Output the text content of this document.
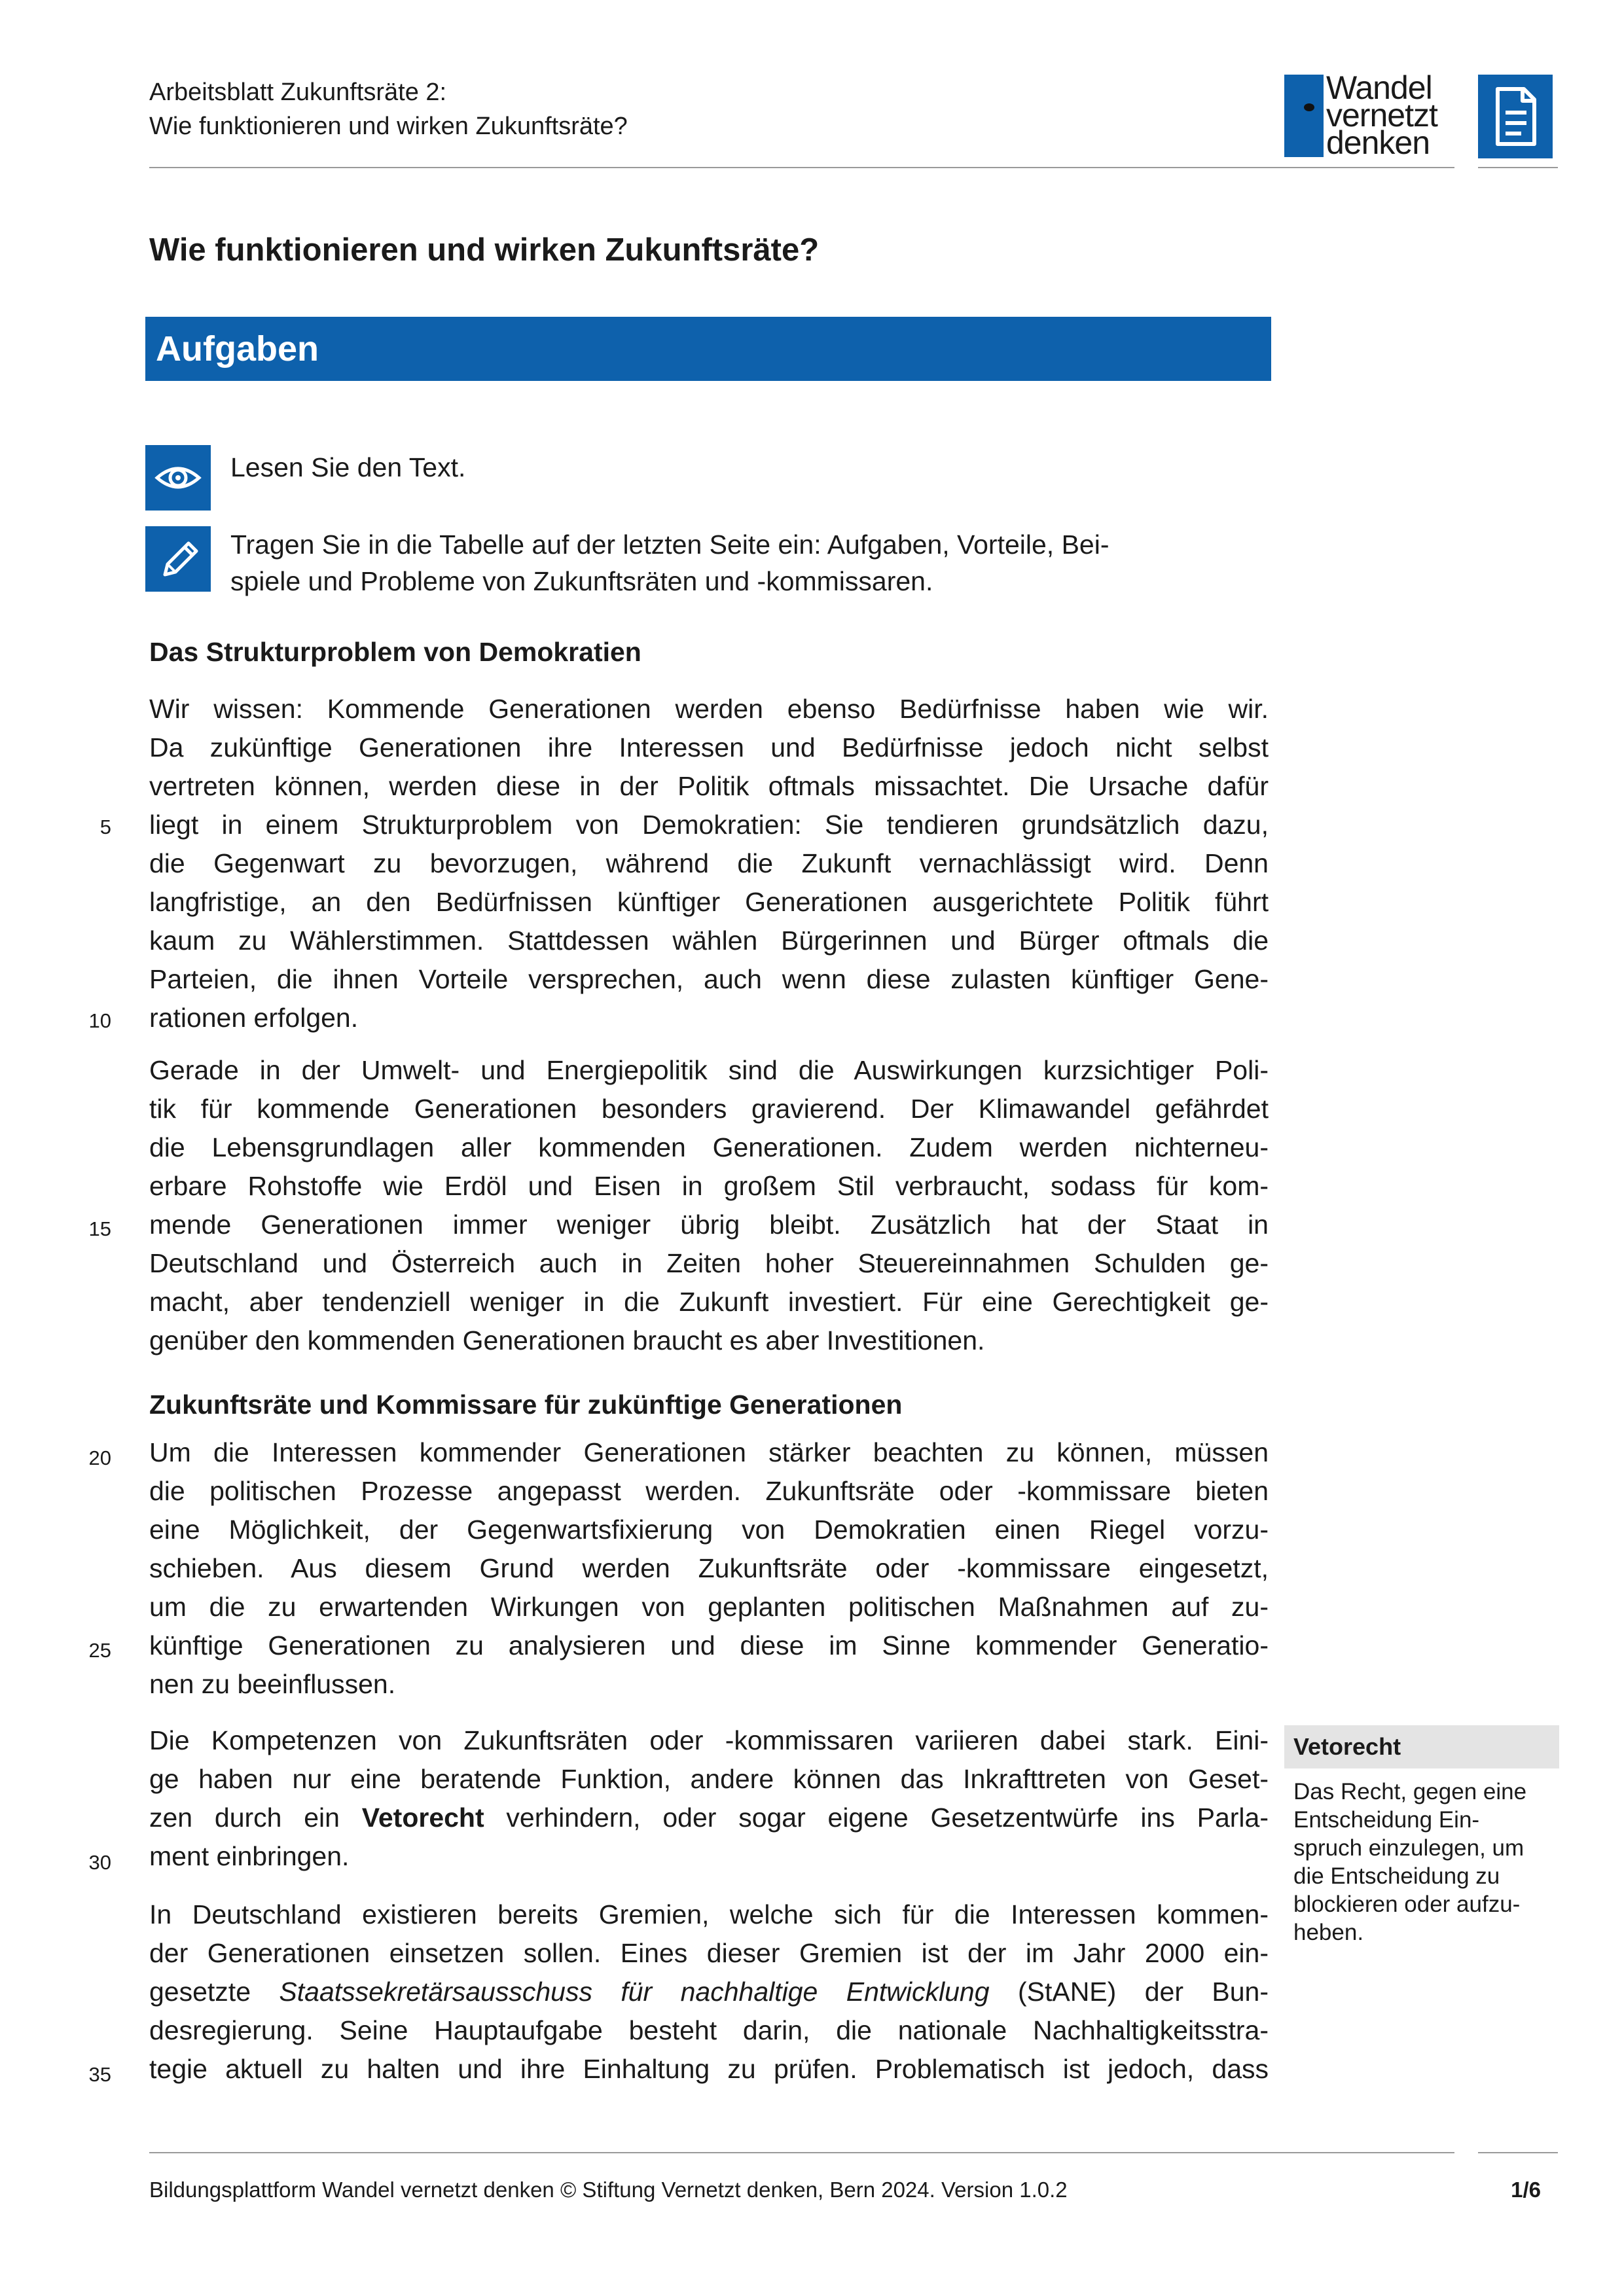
Arbeitsblatt Zukunftsräte 2:
Wie funktionieren und wirken Zukunftsräte?
Wandel
vernetzt
denken
Wie funktionieren und wirken Zukunftsräte?
Aufgaben
Lesen Sie den Text.
Tragen Sie in die Tabelle auf der letzten Seite ein: Aufgaben, Vorteile, Bei-
spiele und Probleme von Zukunftsräten und -kommissaren.
Das Strukturproblem von Demokratien
Wir wissen: Kommende Generationen werden ebenso Bedürfnisse haben wie wir.
Da zukünftige Generationen ihre Interessen und Bedürfnisse jedoch nicht selbst
vertreten können, werden diese in der Politik oftmals missachtet. Die Ursache dafür
liegt in einem Strukturproblem von Demokratien: Sie tendieren grundsätzlich dazu,
die Gegenwart zu bevorzugen, während die Zukunft vernachlässigt wird. Denn
langfristige, an den Bedürfnissen künftiger Generationen ausgerichtete Politik führt
kaum zu Wählerstimmen. Stattdessen wählen Bürgerinnen und Bürger oftmals die
Parteien, die ihnen Vorteile versprechen, auch wenn diese zulasten künftiger Gene-
rationen erfolgen.
Gerade in der Umwelt- und Energiepolitik sind die Auswirkungen kurzsichtiger Poli-
tik für kommende Generationen besonders gravierend. Der Klimawandel gefährdet
die Lebensgrundlagen aller kommenden Generationen. Zudem werden nichterneu-
erbare Rohstoffe wie Erdöl und Eisen in großem Stil verbraucht, sodass für kom-
mende Generationen immer weniger übrig bleibt. Zusätzlich hat der Staat in
Deutschland und Österreich auch in Zeiten hoher Steuereinnahmen Schulden ge-
macht, aber tendenziell weniger in die Zukunft investiert. Für eine Gerechtigkeit ge-
genüber den kommenden Generationen braucht es aber Investitionen.
Zukunftsräte und Kommissare für zukünftige Generationen
Um die Interessen kommender Generationen stärker beachten zu können, müssen
die politischen Prozesse angepasst werden. Zukunftsräte oder -kommissare bieten
eine Möglichkeit, der Gegenwartsfixierung von Demokratien einen Riegel vorzu-
schieben. Aus diesem Grund werden Zukunftsräte oder -kommissare eingesetzt,
um die zu erwartenden Wirkungen von geplanten politischen Maßnahmen auf zu-
künftige Generationen zu analysieren und diese im Sinne kommender Generatio-
nen zu beeinflussen.
Die Kompetenzen von Zukunftsräten oder -kommissaren variieren dabei stark. Eini-
ge haben nur eine beratende Funktion, andere können das Inkrafttreten von Geset-
zen durch ein Vetorecht verhindern, oder sogar eigene Gesetzentwürfe ins Parla-
ment einbringen.
In Deutschland existieren bereits Gremien, welche sich für die Interessen kommen-
der Generationen einsetzen sollen. Eines dieser Gremien ist der im Jahr 2000 ein-
gesetzte Staatssekretärsausschuss für nachhaltige Entwicklung (StANE) der Bun-
desregierung. Seine Hauptaufgabe besteht darin, die nationale Nachhaltigkeitsstra-
tegie aktuell zu halten und ihre Einhaltung zu prüfen. Problematisch ist jedoch, dass
5
10
15
20
25
30
35
Vetorecht
Das Recht, gegen eine
Entscheidung Ein-
spruch einzulegen, um
die Entscheidung zu
blockieren oder aufzu-
heben.
Bildungsplattform Wandel vernetzt denken © Stiftung Vernetzt denken, Bern 2024. Version 1.0.2	1/6
